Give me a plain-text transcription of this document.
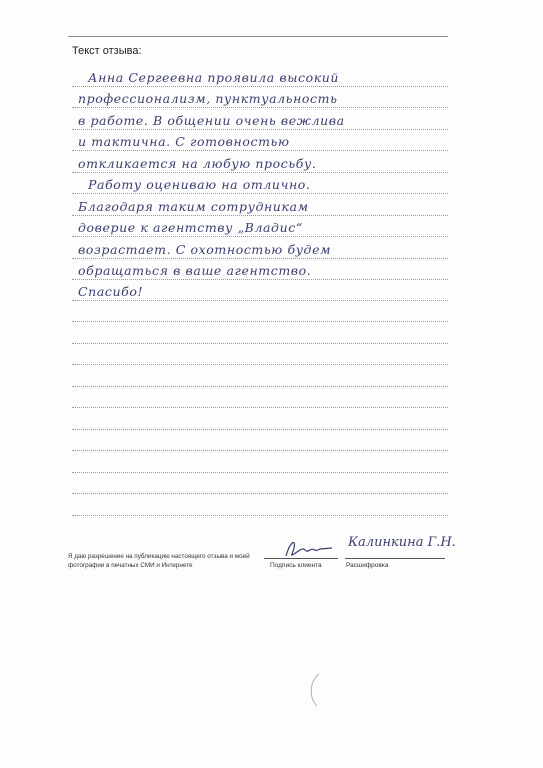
Текст отзыва:
Анна Сергеевна проявила высокий
профессионализм, пунктуальность
в работе. В общении очень вежлива
и тактична. С готовностью
откликается на любую просьбу.
Работу оцениваю на отлично.
Благодаря таким сотрудникам
доверие к агентству „Владис“
возрастает. С охотностью будем
обращаться в ваше агентство.
Спасибо!
Я даю разрешение на публикацию настоящего отзыва и моей фотографии в печатных СМИ и Интернете
Калинкина Г.Н.
Подпись клиента	Расшифровка
